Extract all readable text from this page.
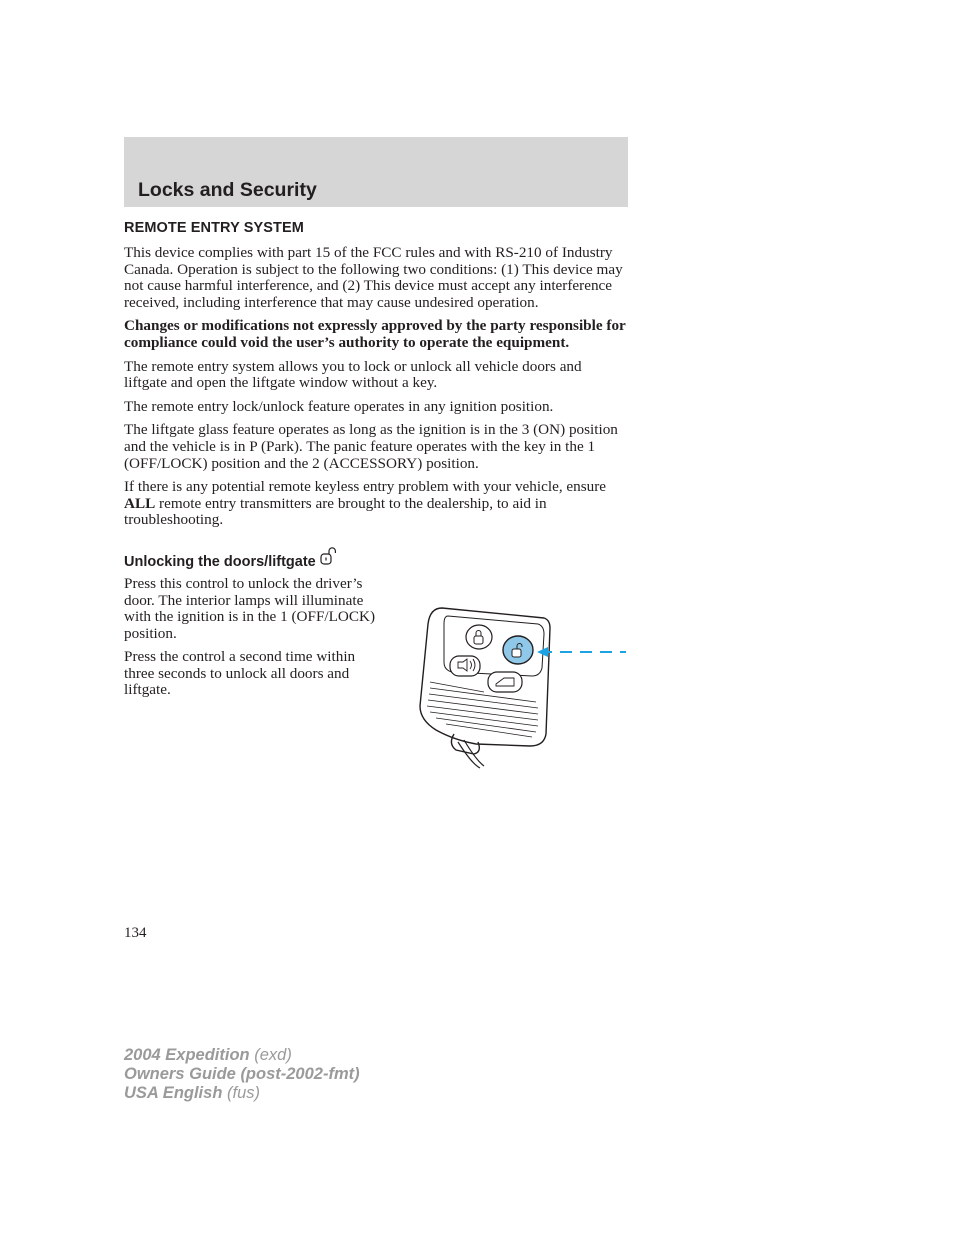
Locks and Security
REMOTE ENTRY SYSTEM

This device complies with part 15 of the FCC rules and with RS-210 of Industry Canada. Operation is subject to the following two conditions: (1) This device may not cause harmful interference, and (2) This device must accept any interference received, including interference that may cause undesired operation.

Changes or modifications not expressly approved by the party responsible for compliance could void the user’s authority to operate the equipment.

The remote entry system allows you to lock or unlock all vehicle doors and liftgate and open the liftgate window without a key.

The remote entry lock/unlock feature operates in any ignition position.

The liftgate glass feature operates as long as the ignition is in the 3 (ON) position and the vehicle is in P (Park). The panic feature operates with the key in the 1 (OFF/LOCK) position and the 2 (ACCESSORY) position.

If there is any potential remote keyless entry problem with your vehicle, ensure ALL remote entry transmitters are brought to the dealership, to aid in troubleshooting.

Unlocking the doors/liftgate

Press this control to unlock the driver’s door. The interior lamps will illuminate with the ignition is in the 1 (OFF/LOCK) position.

Press the control a second time within three seconds to unlock all doors and liftgate.

134

2004 Expedition (exd)
Owners Guide (post-2002-fmt)
USA English (fus)
